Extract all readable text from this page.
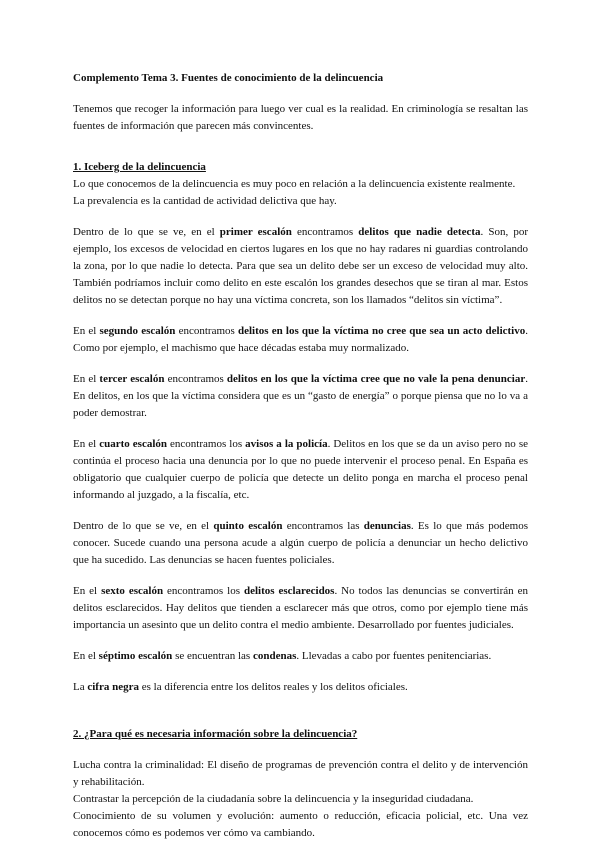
Complemento Tema 3. Fuentes de conocimiento de la delincuencia

Tenemos que recoger la información para luego ver cual es la realidad. En criminología se resaltan las fuentes de información que parecen más convincentes.

1. Iceberg de la delincuencia

Lo que conocemos de la delincuencia es muy poco en relación a la delincuencia existente realmente.

La prevalencia es la cantidad de actividad delictiva que hay.

Dentro de lo que se ve, en el primer escalón encontramos delitos que nadie detecta. Son, por ejemplo, los excesos de velocidad en ciertos lugares en los que no hay radares ni guardias controlando la zona, por lo que nadie lo detecta. Para que sea un delito debe ser un exceso de velocidad muy alto. También podríamos incluir como delito en este escalón los grandes desechos que se tiran al mar. Estos delitos no se detectan porque no hay una víctima concreta, son los llamados “delitos sin víctima”.

En el segundo escalón encontramos delitos en los que la víctima no cree que sea un acto delictivo. Como por ejemplo, el machismo que hace décadas estaba muy normalizado.

En el tercer escalón encontramos delitos en los que la víctima cree que no vale la pena denunciar. En delitos, en los que la víctima considera que es un “gasto de energía” o porque piensa que no lo va a poder demostrar.

En el cuarto escalón encontramos los avisos a la policía. Delitos en los que se da un aviso pero no se continúa el proceso hacia una denuncia por lo que no puede intervenir el proceso penal. En España es obligatorio que cualquier cuerpo de policía que detecte un delito ponga en marcha el proceso penal informando al juzgado, a la fiscalía, etc.

Dentro de lo que se ve, en el quinto escalón encontramos las denuncias. Es lo que más podemos conocer. Sucede cuando una persona acude a algún cuerpo de policía a denunciar un hecho delictivo que ha sucedido. Las denuncias se hacen fuentes policiales.

En el sexto escalón encontramos los delitos esclarecidos. No todos las denuncias se convertirán en delitos esclarecidos. Hay delitos que tienden a esclarecer más que otros, como por ejemplo tiene más importancia un asesinto que un delito contra el medio ambiente. Desarrollado por fuentes judiciales.

En el séptimo escalón se encuentran las condenas. Llevadas a cabo por fuentes penitenciarias.

La cifra negra es la diferencia entre los delitos reales y los delitos oficiales.

2. ¿Para qué es necesaria información sobre la delincuencia?

Lucha contra la criminalidad: El diseño de programas de prevención contra el delito y de intervención y rehabilitación.

Contrastar la percepción de la ciudadanía sobre la delincuencia y la inseguridad ciudadana.

Conocimiento de su volumen y evolución: aumento o reducción, eficacia policial, etc. Una vez conocemos cómo es podemos ver cómo va cambiando.
